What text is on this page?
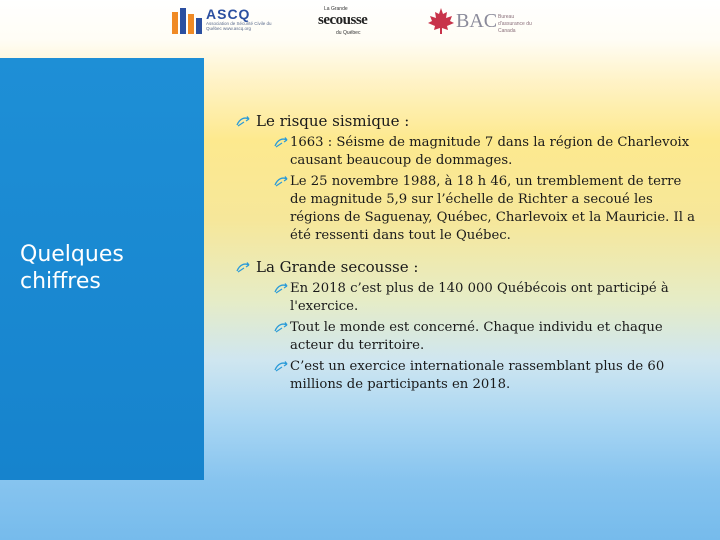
ASCQ
Association de Sécurité Civile du Québec www.ascq.org
La Grande
secousse
du Québec
BAC Bureau d'assurance du Canada
Quelques chiffres
Le risque sismique :
1663 : Séisme de magnitude 7 dans la région de Charlevoix causant beaucoup de dommages.
Le 25 novembre 1988, à 18 h 46, un tremblement de terre de magnitude 5,9 sur l’échelle de Richter a secoué les régions de Saguenay, Québec, Charlevoix et la Mauricie. Il a été ressenti dans tout le Québec.
La Grande secousse :
En 2018 c’est plus de 140 000 Québécois ont participé à l'exercice.
Tout le monde est concerné. Chaque individu et chaque acteur du territoire.
C’est un exercice internationale rassemblant plus de 60 millions de participants en 2018.
